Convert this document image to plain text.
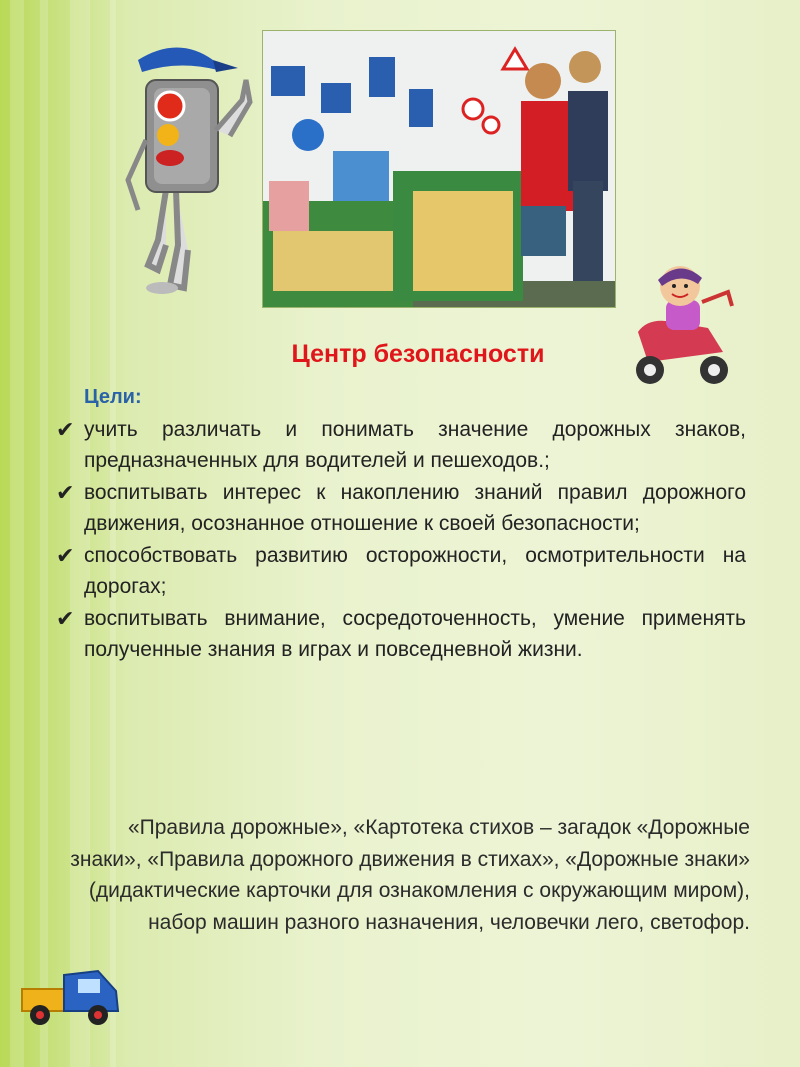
Центр безопасности
Цели:
✔ учить различать и понимать значение дорожных знаков, предназначенных для водителей и пешеходов.;
✔ воспитывать интерес к накоплению знаний правил дорожного движения, осознанное отношение к своей безопасности;
✔ способствовать развитию осторожности, осмотрительности на дорогах;
✔ воспитывать внимание, сосредоточенность, умение применять полученные знания в играх и повседневной жизни.
«Правила дорожные», «Картотека стихов – загадок «Дорожные знаки», «Правила дорожного движения в стихах», «Дорожные знаки» (дидактические карточки для ознакомления с окружающим миром), набор машин разного назначения, человечки лего, светофор.
